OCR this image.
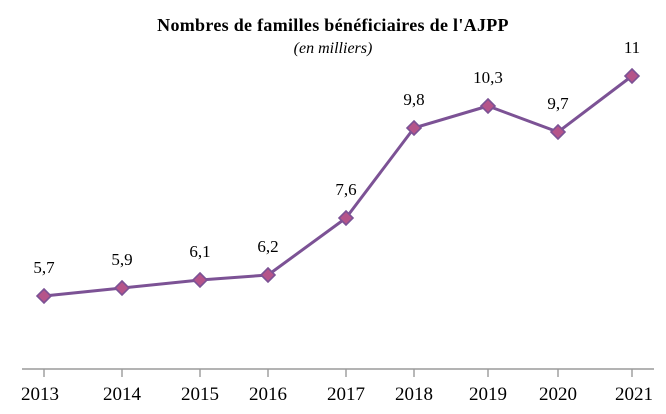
Nombres de familles bénéficiaires de l'AJPP
(en milliers)
5,7	5,9	6,1	6,2
7,6
9,8
10,3
9,7
11
2013 2014 2015 2016 2017 2018 2019 2020 2021
